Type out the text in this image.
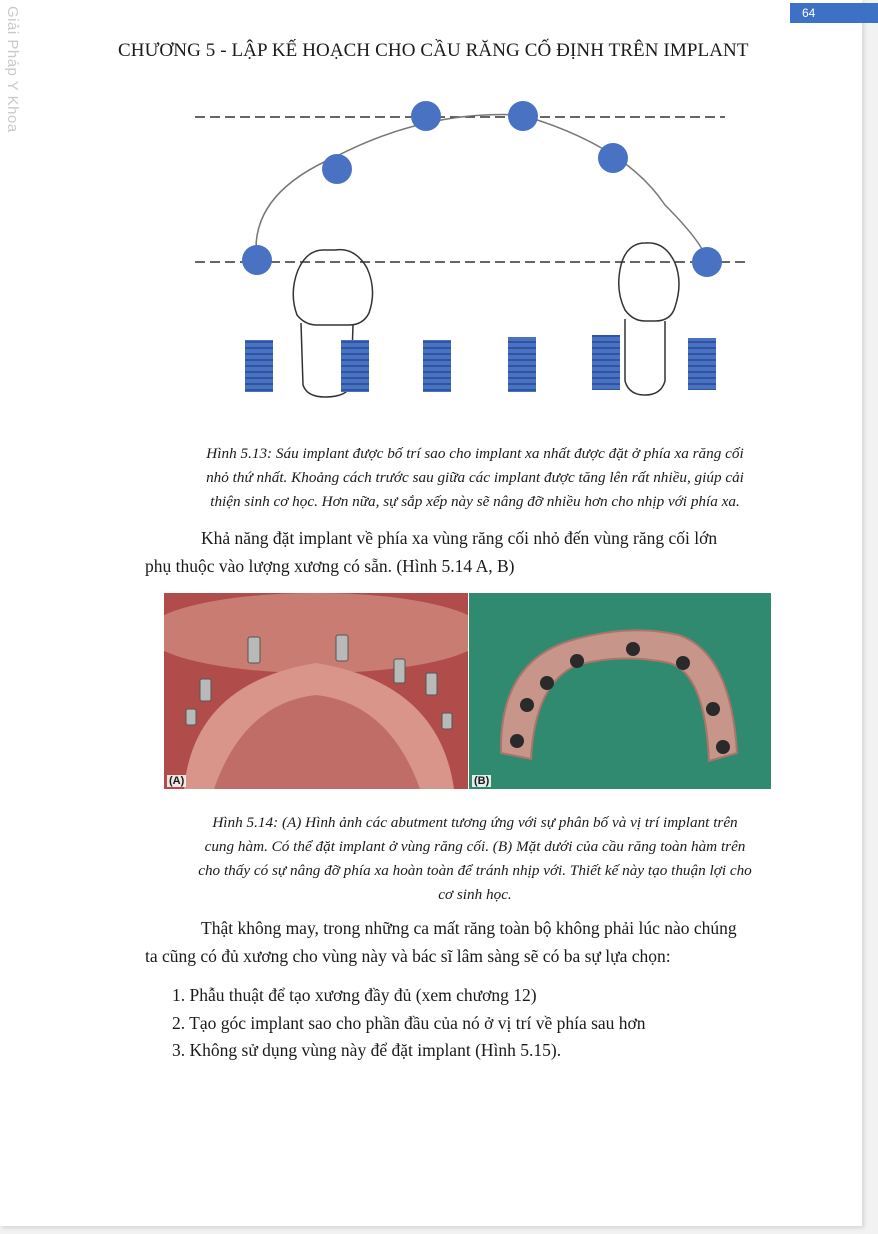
Giải Pháp Y Khoa	CHƯƠNG 5 - LẬP KẾ HOẠCH CHO CẦU RĂNG CỐ ĐỊNH TRÊN IMPLANT
Hình 5.13: Sáu implant được bố trí sao cho implant xa nhất được đặt ở phía xa răng cối
nhỏ thứ nhất. Khoảng cách trước sau giữa các implant được tăng lên rất nhiều, giúp cải
thiện sinh cơ học. Hơn nữa, sự sắp xếp này sẽ nâng đỡ nhiều hơn cho nhịp với phía xa.
Khả năng đặt implant về phía xa vùng răng cối nhỏ đến vùng răng cối lớn
phụ thuộc vào lượng xương có sẵn. (Hình 5.14 A, B)
(A)	(B)
Hình 5.14: (A) Hình ảnh các abutment tương ứng với sự phân bố và vị trí implant trên
cung hàm. Có thể đặt implant ở vùng răng cối. (B) Mặt dưới của cầu răng toàn hàm trên
cho thấy có sự nâng đỡ phía xa hoàn toàn để tránh nhịp với. Thiết kế này tạo thuận lợi cho
cơ sinh học.
Thật không may, trong những ca mất răng toàn bộ không phải lúc nào chúng
ta cũng có đủ xương cho vùng này và bác sĩ lâm sàng sẽ có ba sự lựa chọn:
1. Phẫu thuật để tạo xương đầy đủ (xem chương 12)
2. Tạo góc implant sao cho phần đầu của nó ở vị trí về phía sau hơn
3. Không sử dụng vùng này để đặt implant (Hình 5.15).
64
